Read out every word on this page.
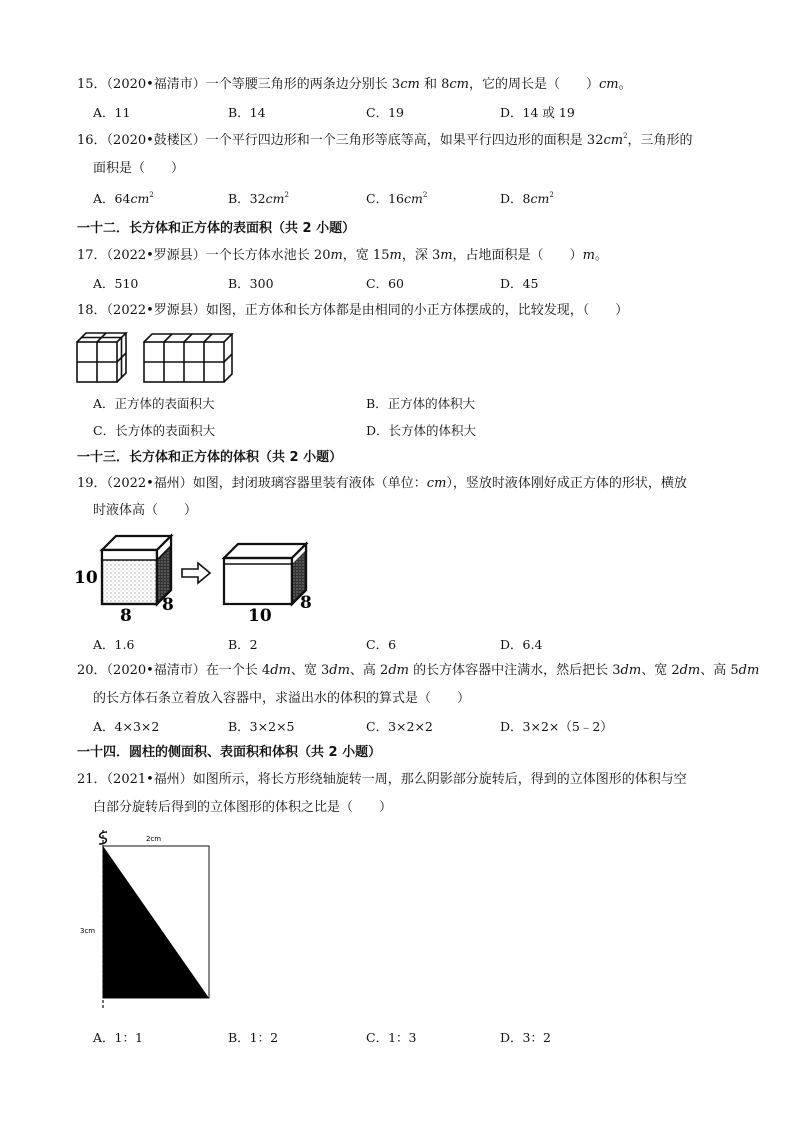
15．（2020•福清市）一个等腰三角形的两条边分别长 3cm 和 8cm，它的周长是（　　）cm。
A．11	B．14	C．19	D．14 或 19
16．（2020•鼓楼区）一个平行四边形和一个三角形等底等高，如果平行四边形的面积是 $32cm^2$，三角形的
面积是（　　）
A．$64cm^2$	B．$32cm^2$	C．$16cm^2$	D．$8cm^2$
一十二．长方体和正方体的表面积（共 2 小题）
17．（2022•罗源县）一个长方体水池长 20m，宽 15m，深 3m，占地面积是（　　）m。
A．510	B．300	C．60	D．45
18．（2022•罗源县）如图，正方体和长方体都是由相同的小正方体摆成的，比较发现，（　　）
A．正方体的表面积大	B．正方体的体积大
C．长方体的表面积大	D．长方体的体积大
一十三．长方体和正方体的体积（共 2 小题）
19．（2022•福州）如图，封闭玻璃容器里装有液体（单位：cm），竖放时液体刚好成正方体的形状，横放
时液体高（　　）
10
8
8
10
8
A．1.6	B．2	C．6	D．6.4
20．（2020•福清市）在一个长 4dm、宽 3dm、高 2dm 的长方体容器中注满水，然后把长 3dm、宽 2dm、高 5dm
的长方体石条立着放入容器中，求溢出水的体积的算式是（　　）
A．4×3×2	B．3×2×5	C．3×2×2	D．3×2×（5﹣2）
一十四．圆柱的侧面积、表面积和体积（共 2 小题）
21．（2021•福州）如图所示，将长方形绕轴旋转一周，那么阴影部分旋转后，得到的立体图形的体积与空
白部分旋转后得到的立体图形的体积之比是（　　）
2cm
3cm
A．1：1	B．1：2	C．1：3	D．3：2
